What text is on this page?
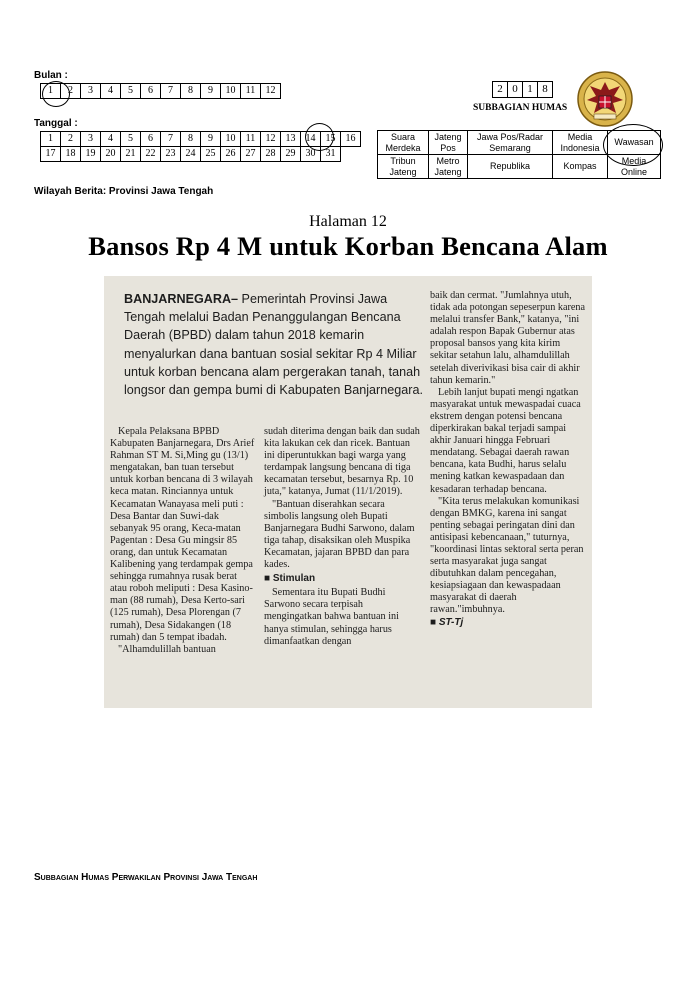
Bulan :
1	2	3	4	5	6	7	8	9	10	11	12	2 0 1 8
SUBBAGIAN HUMAS
Tanggal :
1	2	3	4	5	6	7	8	9	10	11	12	13	14	15	16
17	18	19	20	21	22	23	24	25	26	27	28	29	30	31	
Suara Merdeka	Jateng Pos	Jawa Pos/Radar Semarang	Media Indonesia	Wawasan
Tribun Jateng	Metro Jateng	Republika	Kompas	Media Online
Wilayah Berita: Provinsi Jawa Tengah
Halaman 12
Bansos Rp 4 M untuk Korban Bencana Alam
BANJARNEGARA– Pemerintah Provinsi Jawa Tengah melalui Badan Penanggulangan Bencana Daerah (BPBD) dalam tahun 2018 kemarin menyalurkan dana bantuan sosial sekitar Rp 4 Miliar untuk korban bencana alam pergerakan tanah, tanah longsor dan gempa bumi di Kabupaten Banjarnegara.

Kepala Pelaksana BPBD Kabupaten Banjarnegara, Drs Arief Rahman ST M. Si,Ming gu (13/1) mengatakan, ban tuan tersebut untuk korban bencana di 3 wilayah keca matan. Rinciannya untuk Kecamatan Wanayasa meli puti : Desa Bantar dan Suwi-dak sebanyak 95 orang, Keca-matan Pagentan : Desa Gu mingsir 85 orang, dan untuk Kecamatan Kalibening yang terdampak gempa sehingga rumahnya rusak berat atau roboh meliputi : Desa Kasino-man (88 rumah), Desa Kerto-sari (125 rumah), Desa Plorengan (7 rumah), Desa Sidakangen (18 rumah) dan 5 tempat ibadah.

"Alhamdulillah bantuan

sudah diterima dengan baik dan sudah kita lakukan cek dan ricek. Bantuan ini diperuntukkan bagi warga yang terdampak langsung bencana di tiga kecamatan tersebut, besarnya Rp. 10 juta," katanya, Jumat (11/1/2019).

"Bantuan diserahkan secara simbolis langsung oleh Bupati Banjarnegara Budhi Sarwono, dalam tiga tahap, disaksikan oleh Muspika Kecamatan, jajaran BPBD dan para kades.

■ Stimulan

Sementara itu Bupati Budhi Sarwono secara terpisah mengingatkan bahwa bantuan ini hanya stimulan, sehingga harus dimanfaatkan dengan

baik dan cermat. "Jumlahnya utuh, tidak ada potongan sepeserpun karena melalui transfer Bank," katanya, "ini adalah respon Bapak Gubernur atas proposal bansos yang kita kirim sekitar setahun lalu, alhamdulillah setelah diverivikasi bisa cair di akhir tahun kemarin."

Lebih lanjut bupati mengi ngatkan masyarakat untuk mewaspadai cuaca ekstrem dengan potensi bencana diperkirakan bakal terjadi sampai akhir Januari hingga Februari mendatang. Sebagai daerah rawan bencana, kata Budhi, harus selalu mening katkan kewaspadaan dan kesadaran terhadap bencana.

"Kita terus melakukan komunikasi dengan BMKG, karena ini sangat penting sebagai peringatan dini dan antisipasi kebencanaan," tuturnya, "koordinasi lintas sektoral serta peran serta masyarakat juga sangat dibutuhkan dalam pencegahan, kesiapsiagaan dan kewaspadaan masyarakat di daerah rawan."imbuhnya.

■ ST-Tj
Subbagian Humas Perwakilan Provinsi Jawa Tengah
